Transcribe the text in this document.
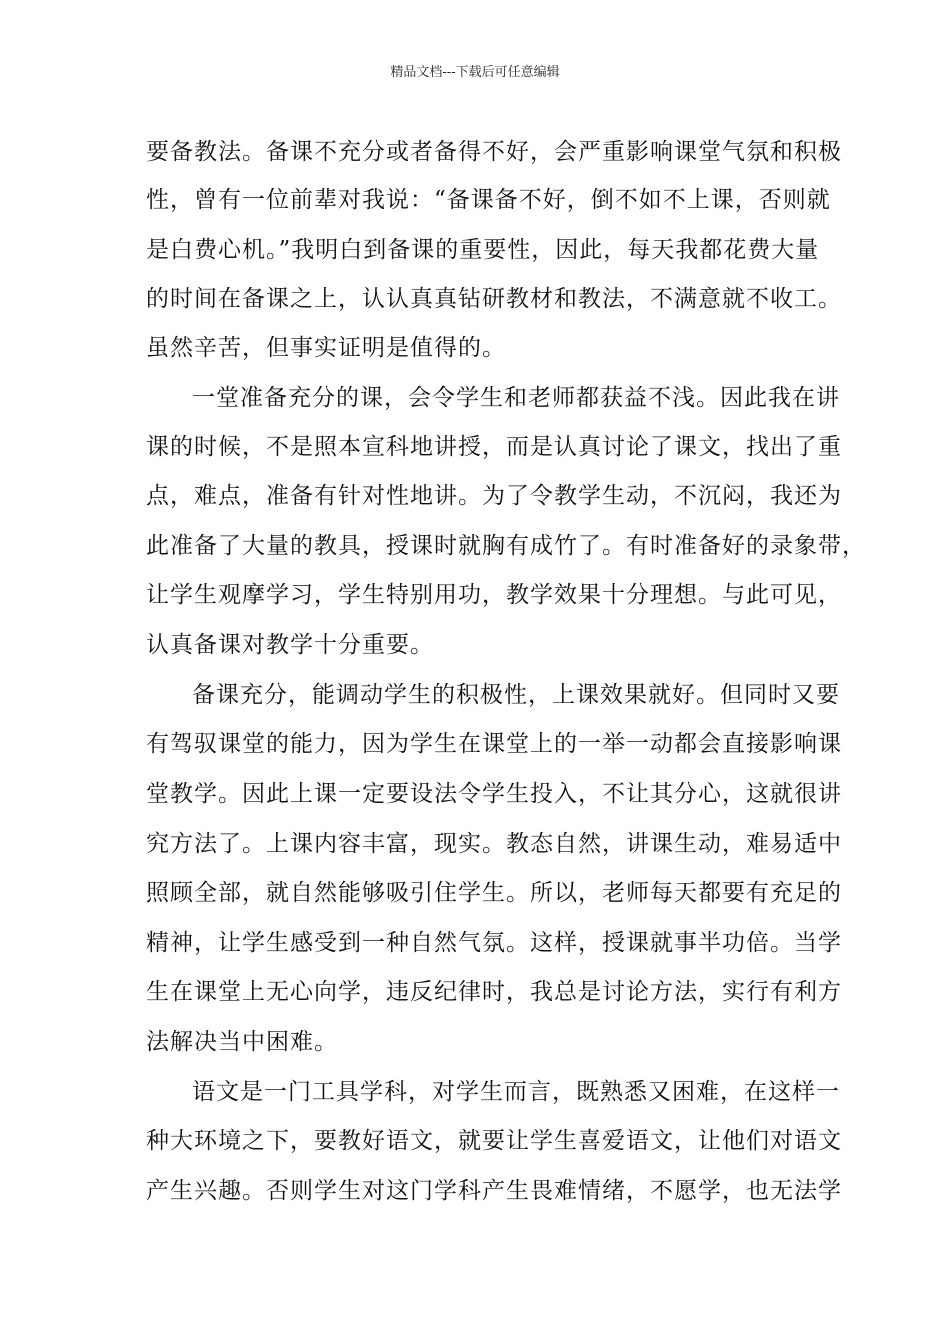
精品文档---下载后可任意编辑
要备教法。备课不充分或者备得不好，会严重影响课堂气氛和积极
性，曾有一位前辈对我说：“备课备不好，倒不如不上课，否则就
是白费心机。”我明白到备课的重要性，因此，每天我都花费大量
的时间在备课之上，认认真真钻研教材和教法，不满意就不收工。
虽然辛苦，但事实证明是值得的。
一堂准备充分的课，会令学生和老师都获益不浅。因此我在讲
课的时候，不是照本宣科地讲授，而是认真讨论了课文，找出了重
点，难点，准备有针对性地讲。为了令教学生动，不沉闷，我还为
此准备了大量的教具，授课时就胸有成竹了。有时准备好的录象带，
让学生观摩学习，学生特别用功，教学效果十分理想。与此可见，
认真备课对教学十分重要。
备课充分，能调动学生的积极性，上课效果就好。但同时又要
有驾驭课堂的能力，因为学生在课堂上的一举一动都会直接影响课
堂教学。因此上课一定要设法令学生投入，不让其分心，这就很讲
究方法了。上课内容丰富，现实。教态自然，讲课生动，难易适中
照顾全部，就自然能够吸引住学生。所以，老师每天都要有充足的
精神，让学生感受到一种自然气氛。这样，授课就事半功倍。当学
生在课堂上无心向学，违反纪律时，我总是讨论方法，实行有利方
法解决当中困难。
语文是一门工具学科，对学生而言，既熟悉又困难，在这样一
种大环境之下，要教好语文，就要让学生喜爱语文，让他们对语文
产生兴趣。否则学生对这门学科产生畏难情绪，不愿学，也无法学
